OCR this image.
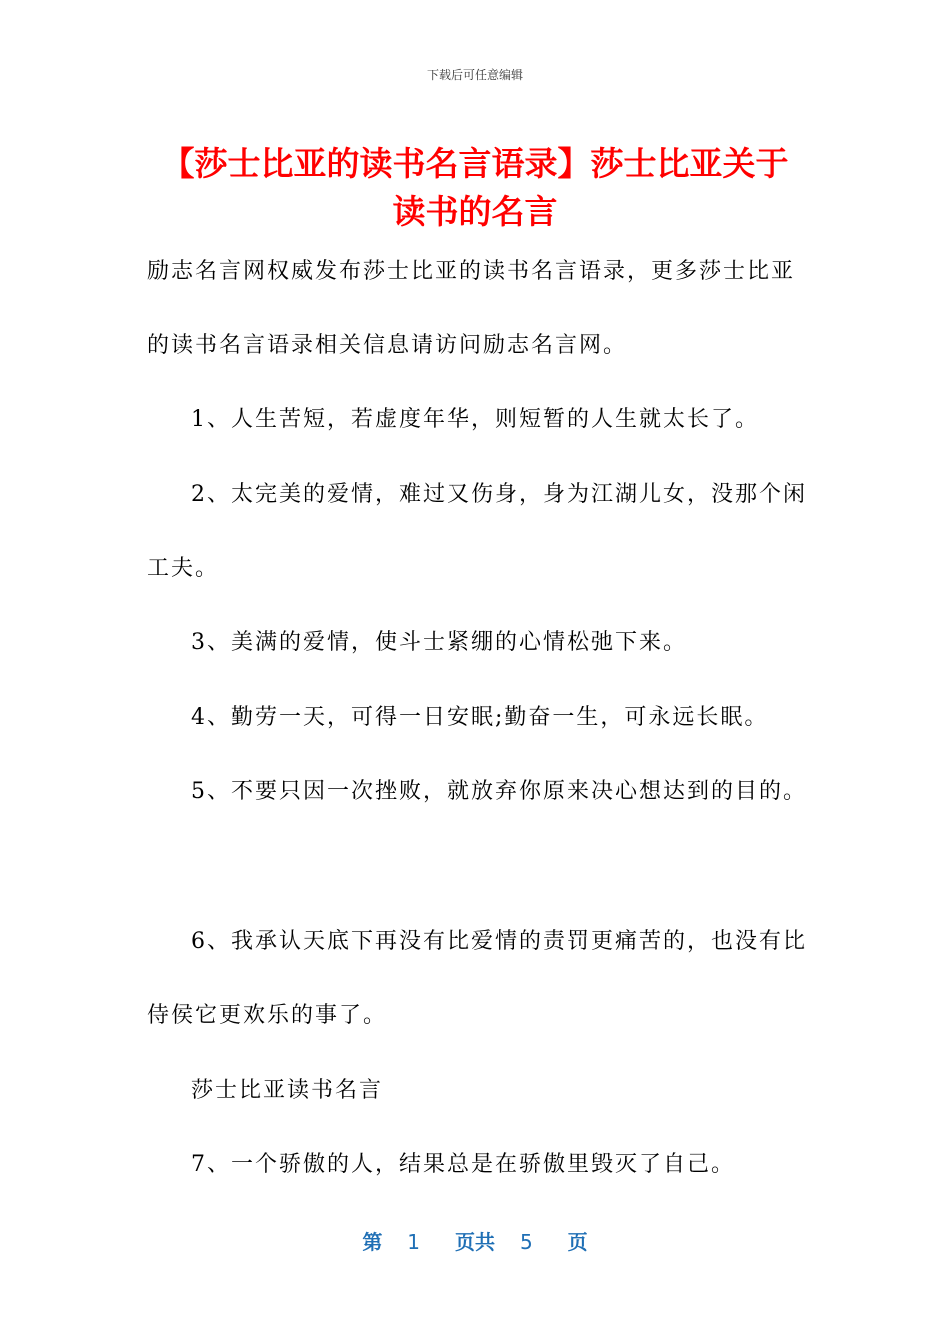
下载后可任意编辑
【莎士比亚的读书名言语录】莎士比亚关于
读书的名言

励志名言网权威发布莎士比亚的读书名言语录，更多莎士比亚

的读书名言语录相关信息请访问励志名言网。

1、人生苦短，若虚度年华，则短暂的人生就太长了。

2、太完美的爱情，难过又伤身，身为江湖儿女，没那个闲

工夫。

3、美满的爱情，使斗士紧绷的心情松弛下来。

4、勤劳一天，可得一日安眠;勤奋一生，可永远长眠。

5、不要只因一次挫败，就放弃你原来决心想达到的目的。

6、我承认天底下再没有比爱情的责罚更痛苦的，也没有比

侍侯它更欢乐的事了。

莎士比亚读书名言

7、一个骄傲的人，结果总是在骄傲里毁灭了自己。

第 1 页共 5 页
